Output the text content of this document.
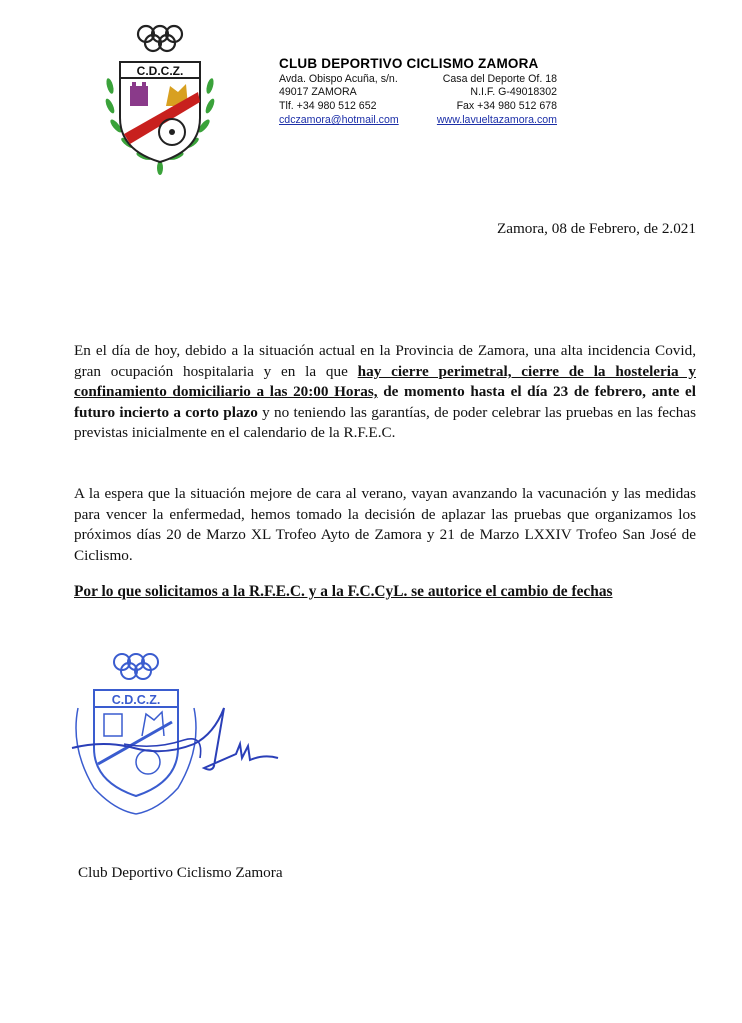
C.D.C.Z.	CLUB DEPORTIVO CICLISMO ZAMORA
Avda. Obispo Acuña, s/n.	Casa del Deporte Of. 18
49017 ZAMORA	N.I.F. G-49018302
Tlf. +34 980 512 652	Fax +34 980 512 678
cdczamora@hotmail.com	www.lavueltazamora.com
Zamora, 08 de Febrero, de 2.021
En el día de hoy, debido a la situación actual en la Provincia de Zamora, una alta incidencia Covid, gran ocupación hospitalaria y en la que hay cierre perimetral, cierre de la hosteleria y confinamiento domiciliario a las 20:00 Horas, de momento hasta el día 23 de febrero, ante el futuro incierto a corto plazo y no teniendo las garantías, de poder celebrar las pruebas en las fechas previstas inicialmente en el calendario de la R.F.E.C.
A la espera que la situación mejore de cara al verano, vayan avanzando la vacunación y las medidas para vencer la enfermedad, hemos tomado la decisión de aplazar las pruebas que organizamos los próximos días 20 de Marzo XL Trofeo Ayto de Zamora y 21 de Marzo LXXIV Trofeo San José de Ciclismo.
Por lo que solicitamos a la R.F.E.C. y a la F.C.CyL. se autorice el cambio de fechas
C.D.C.Z.
Club Deportivo Ciclismo Zamora
